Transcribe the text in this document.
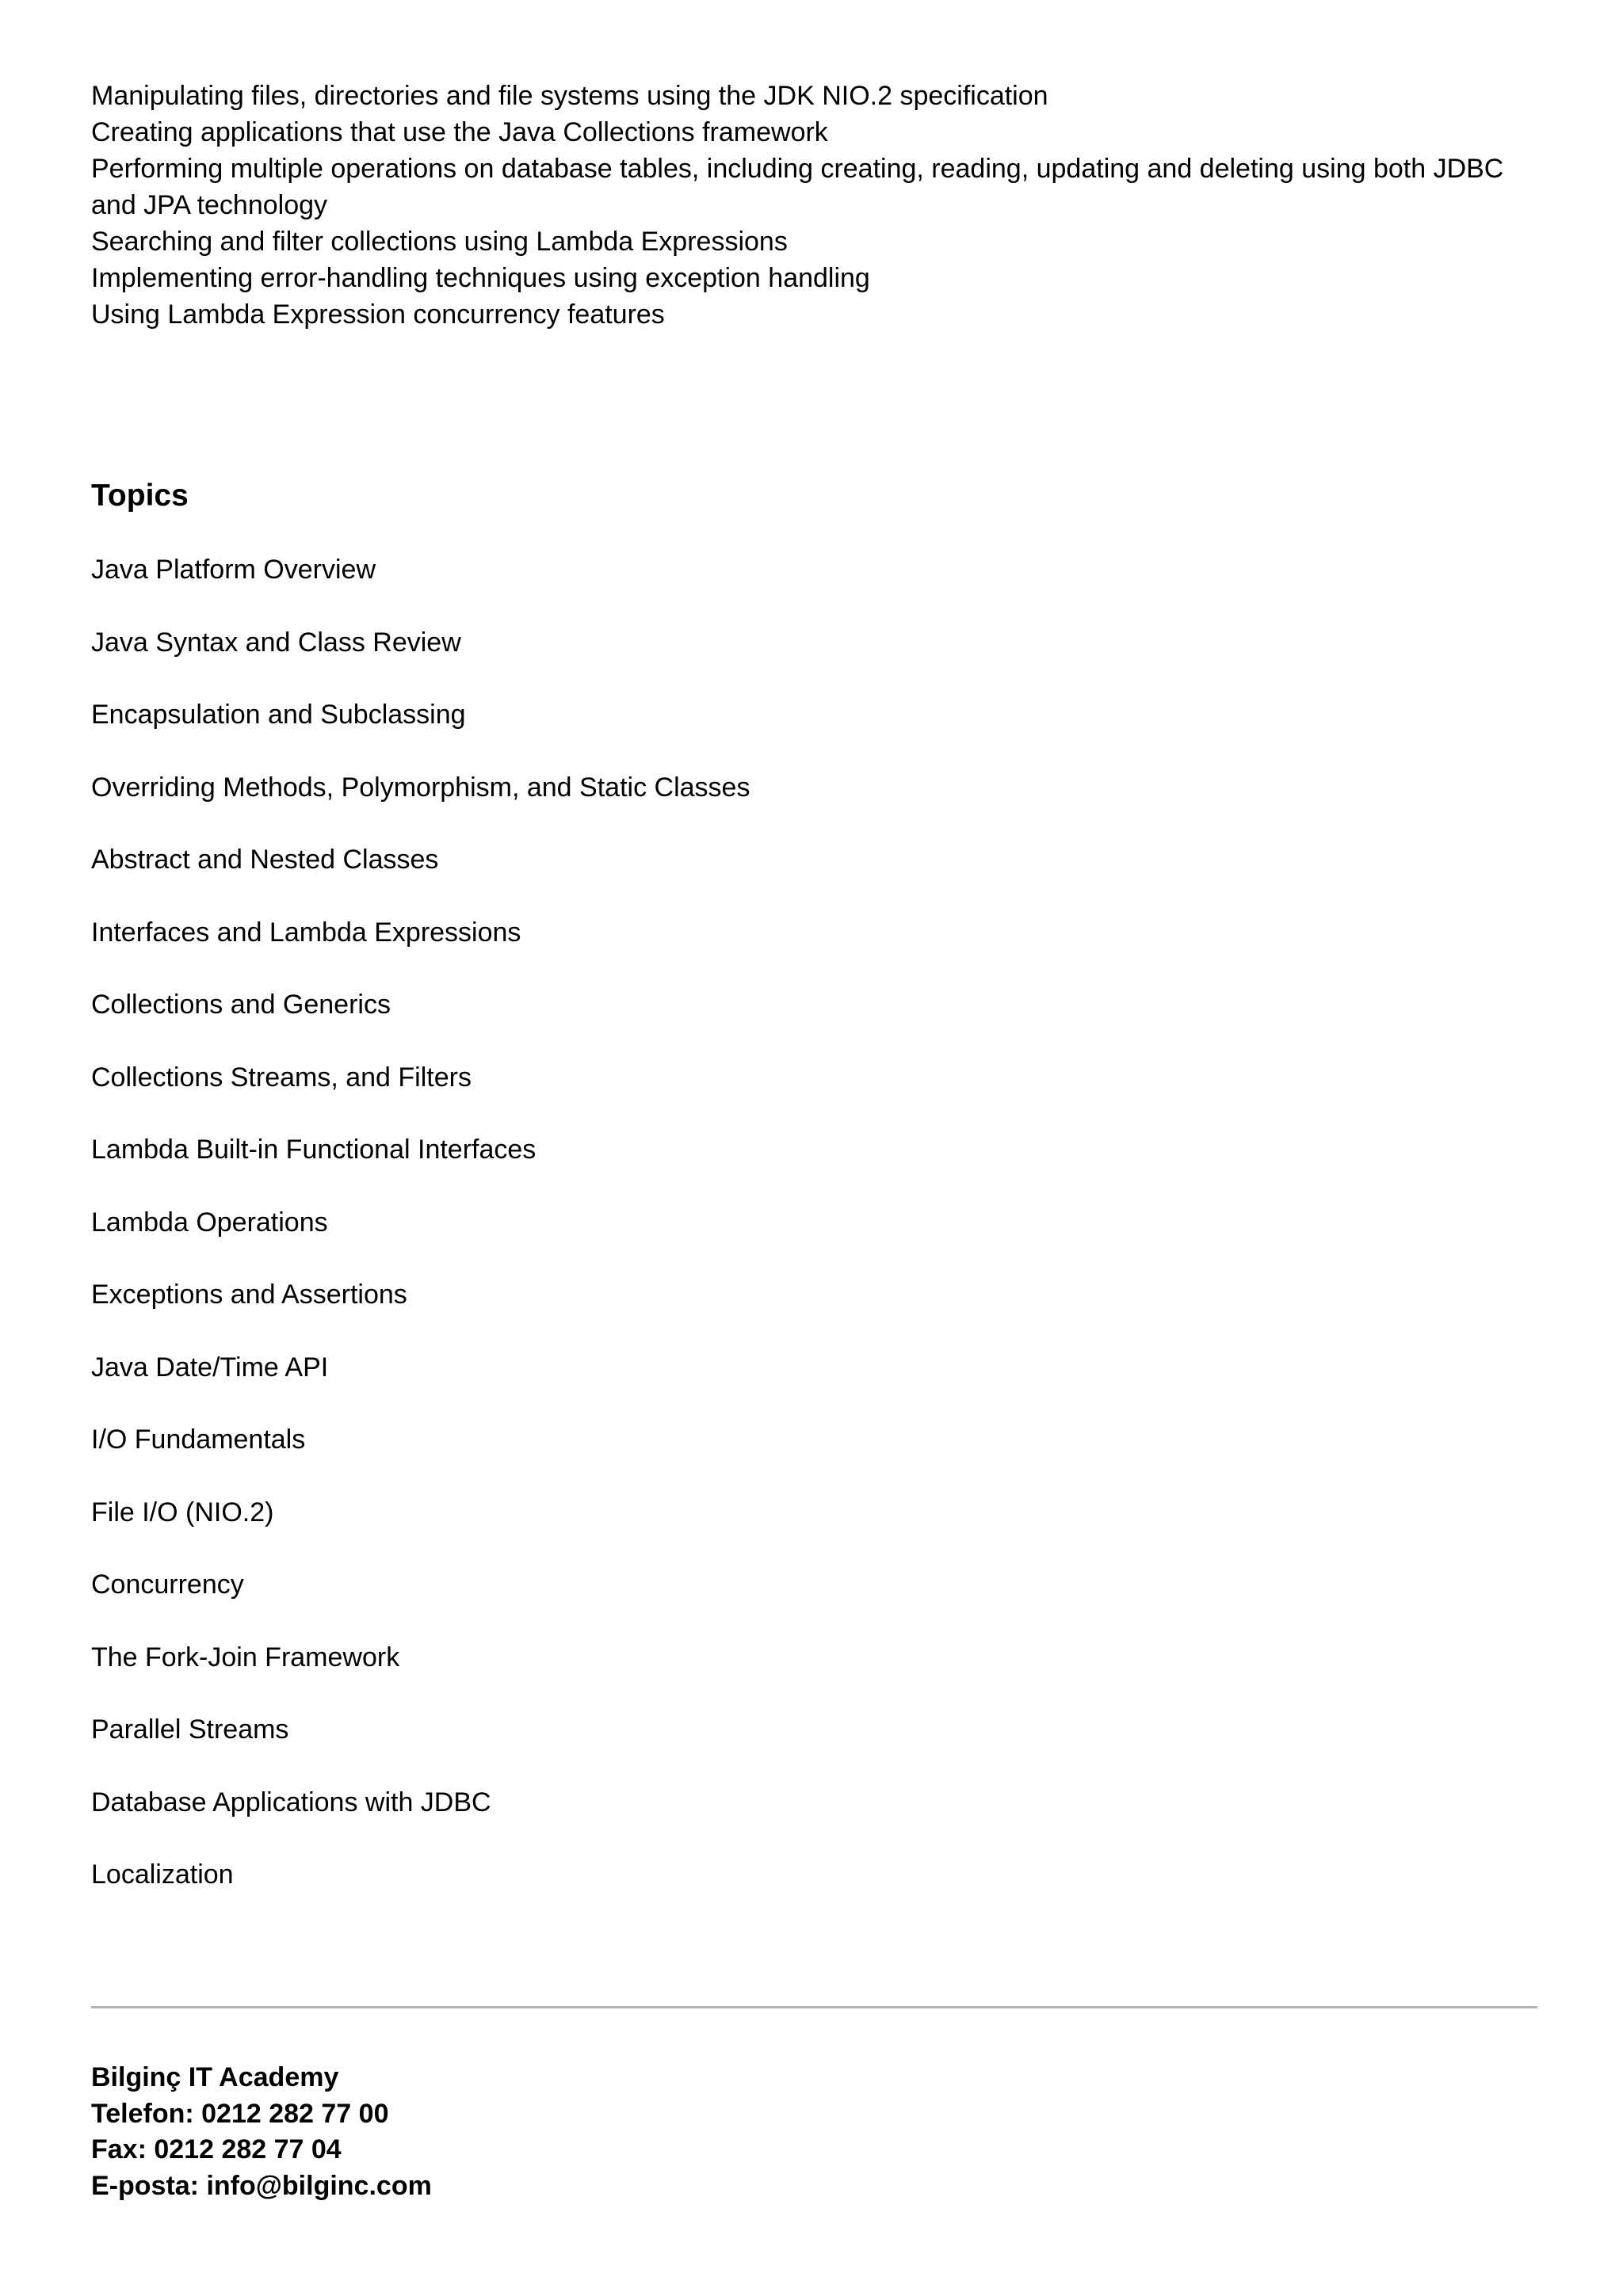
Manipulating files, directories and file systems using the JDK NIO.2 specification
Creating applications that use the Java Collections framework
Performing multiple operations on database tables, including creating, reading, updating and deleting using both JDBC
and JPA technology
Searching and filter collections using Lambda Expressions
Implementing error-handling techniques using exception handling
Using Lambda Expression concurrency features
Topics
Java Platform Overview
Java Syntax and Class Review
Encapsulation and Subclassing
Overriding Methods, Polymorphism, and Static Classes
Abstract and Nested Classes
Interfaces and Lambda Expressions
Collections and Generics
Collections Streams, and Filters
Lambda Built-in Functional Interfaces
Lambda Operations
Exceptions and Assertions
Java Date/Time API
I/O Fundamentals
File I/O (NIO.2)
Concurrency
The Fork-Join Framework
Parallel Streams
Database Applications with JDBC
Localization
Bilginç IT Academy
Telefon: 0212 282 77 00
Fax: 0212 282 77 04
E-posta: info@bilginc.com
